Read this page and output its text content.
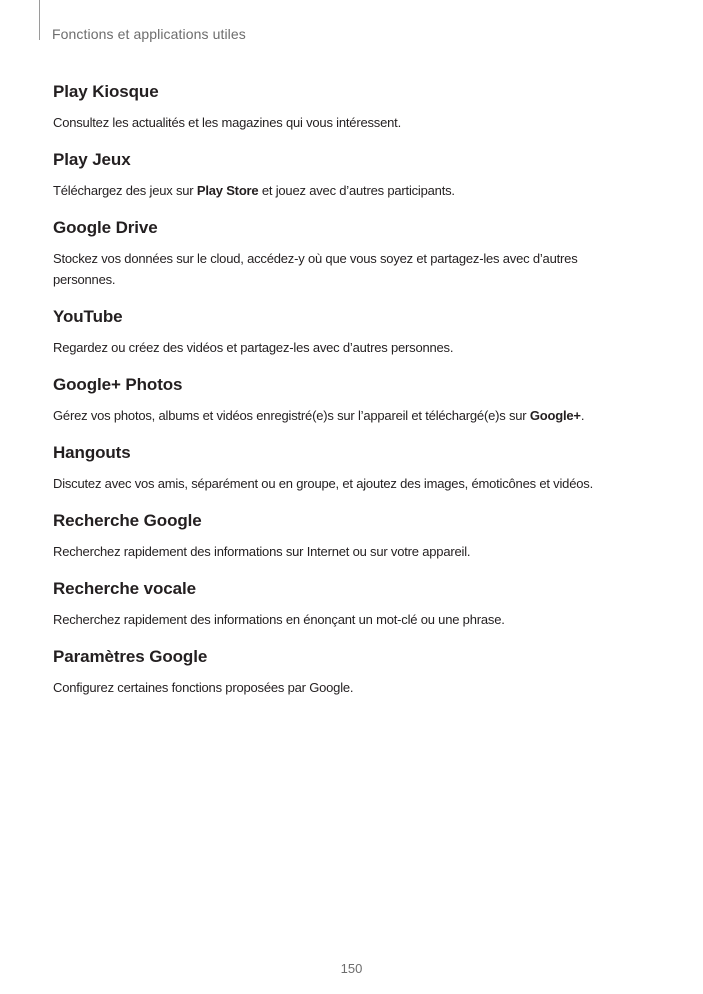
Fonctions et applications utiles
Play Kiosque

Consultez les actualités et les magazines qui vous intéressent.

Play Jeux

Téléchargez des jeux sur Play Store et jouez avec d’autres participants.

Google Drive

Stockez vos données sur le cloud, accédez-y où que vous soyez et partagez-les avec d’autres personnes.

YouTube

Regardez ou créez des vidéos et partagez-les avec d’autres personnes.

Google+ Photos

Gérez vos photos, albums et vidéos enregistré(e)s sur l’appareil et téléchargé(e)s sur Google+.

Hangouts

Discutez avec vos amis, séparément ou en groupe, et ajoutez des images, émoticônes et vidéos.

Recherche Google

Recherchez rapidement des informations sur Internet ou sur votre appareil.

Recherche vocale

Recherchez rapidement des informations en énonçant un mot-clé ou une phrase.

Paramètres Google

Configurez certaines fonctions proposées par Google.

150
